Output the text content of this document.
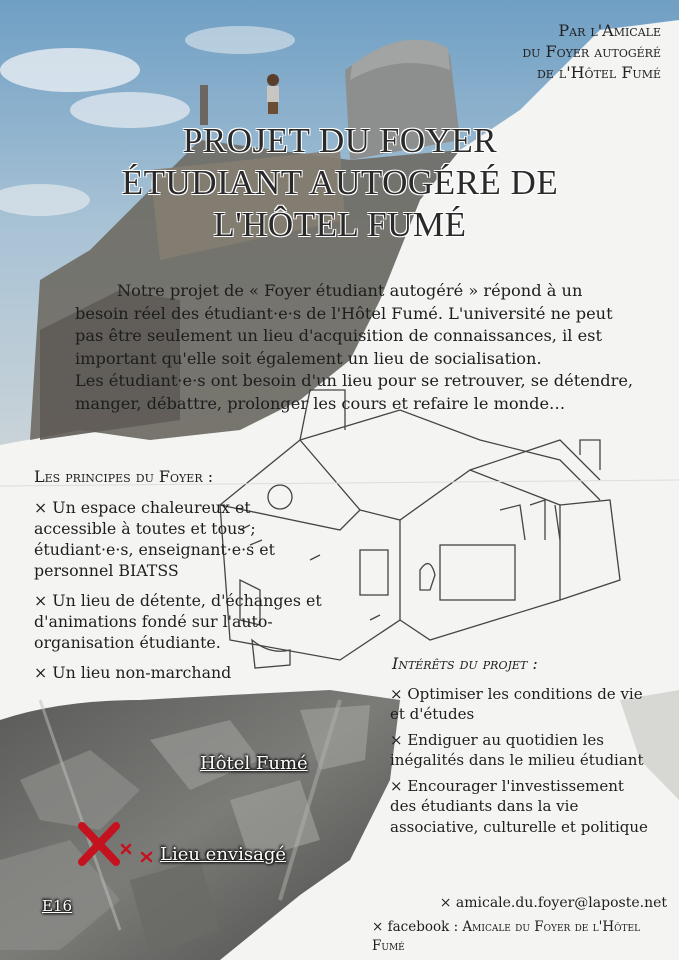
Par l'Amicale
du Foyer autogéré
de l'Hôtel Fumé
PROJET DU FOYER
ÉTUDIANT AUTOGÉRÉ DE
L'HÔTEL FUMÉ

Notre projet de « Foyer étudiant autogéré » répond à un besoin réel des étudiant·e·s de l'Hôtel Fumé. L'université ne peut pas être seulement un lieu d'acquisition de connaissances, il est important qu'elle soit également un lieu de socialisation.

Les étudiant·e·s ont besoin d'un lieu pour se retrouver, se détendre, manger, débattre, prolonger les cours et refaire le monde…

Les principes du Foyer :
× Un espace chaleureux et accessible à toutes et tous ; étudiant·e·s, enseignant·e·s et personnel BIATSS
× Un lieu de détente, d'échanges et d'animations fondé sur l'auto-organisation étudiante.
× Un lieu non-marchand	Intérêts du projet :
× Optimiser les conditions de vie et d'études
× Endiguer au quotidien les inégalités dans le milieu étudiant
× Encourager l'investissement des étudiants dans la vie associative, culturelle et politique
Hôtel Fumé
Lieu envisagé
E16	× amicale.du.foyer@laposte.net
× facebook : Amicale du Foyer de l'Hôtel Fumé
